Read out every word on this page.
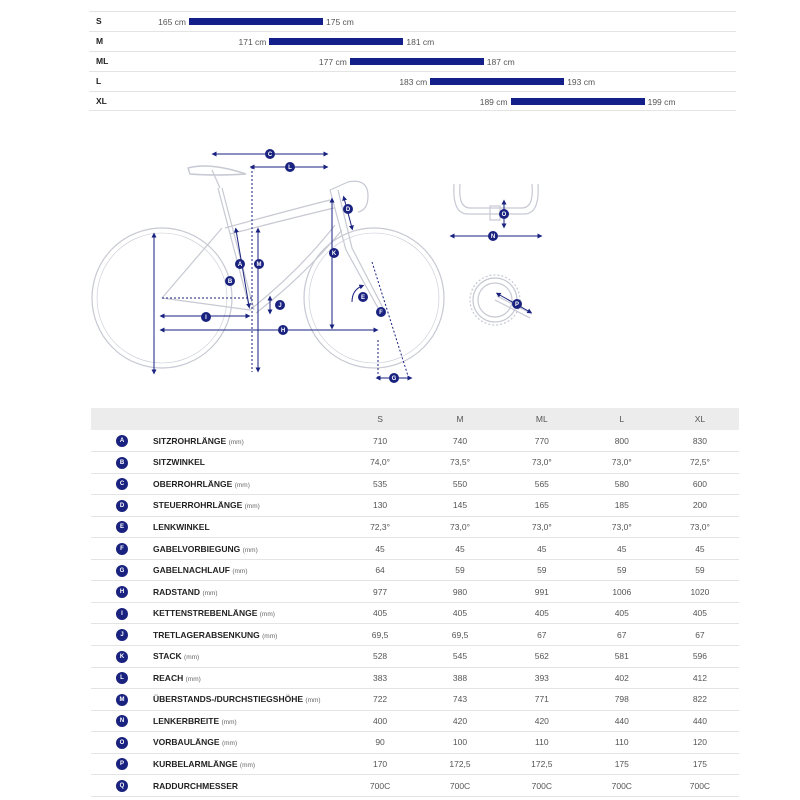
S	165 cm	175 cm
M	171 cm	181 cm
ML	177 cm	187 cm
L	183 cm	193 cm
XL	189 cm	199 cm
A
B
C
D
E
F
G
H
I
J
K
L
M
N
O
P
		S	M	ML	L	XL
A	SITZROHRLÄNGE (mm)	710	740	770	800	830
B	SITZWINKEL	74,0°	73,5°	73,0°	73,0°	72,5°
C	OBERROHRLÄNGE (mm)	535	550	565	580	600
D	STEUERROHRLÄNGE (mm)	130	145	165	185	200
E	LENKWINKEL	72,3°	73,0°	73,0°	73,0°	73,0°
F	GABELVORBIEGUNG (mm)	45	45	45	45	45
G	GABELNACHLAUF (mm)	64	59	59	59	59
H	RADSTAND (mm)	977	980	991	1006	1020
I	KETTENSTREBENLÄNGE (mm)	405	405	405	405	405
J	TRETLAGERABSENKUNG (mm)	69,5	69,5	67	67	67
K	STACK (mm)	528	545	562	581	596
L	REACH (mm)	383	388	393	402	412
M	ÜBERSTANDS-/DURCHSTIEGSHÖHE (mm)	722	743	771	798	822
N	LENKERBREITE (mm)	400	420	420	440	440
O	VORBAULÄNGE (mm)	90	100	110	110	120
P	KURBELARMLÄNGE (mm)	170	172,5	172,5	175	175
Q	RADDURCHMESSER	700C	700C	700C	700C	700C
